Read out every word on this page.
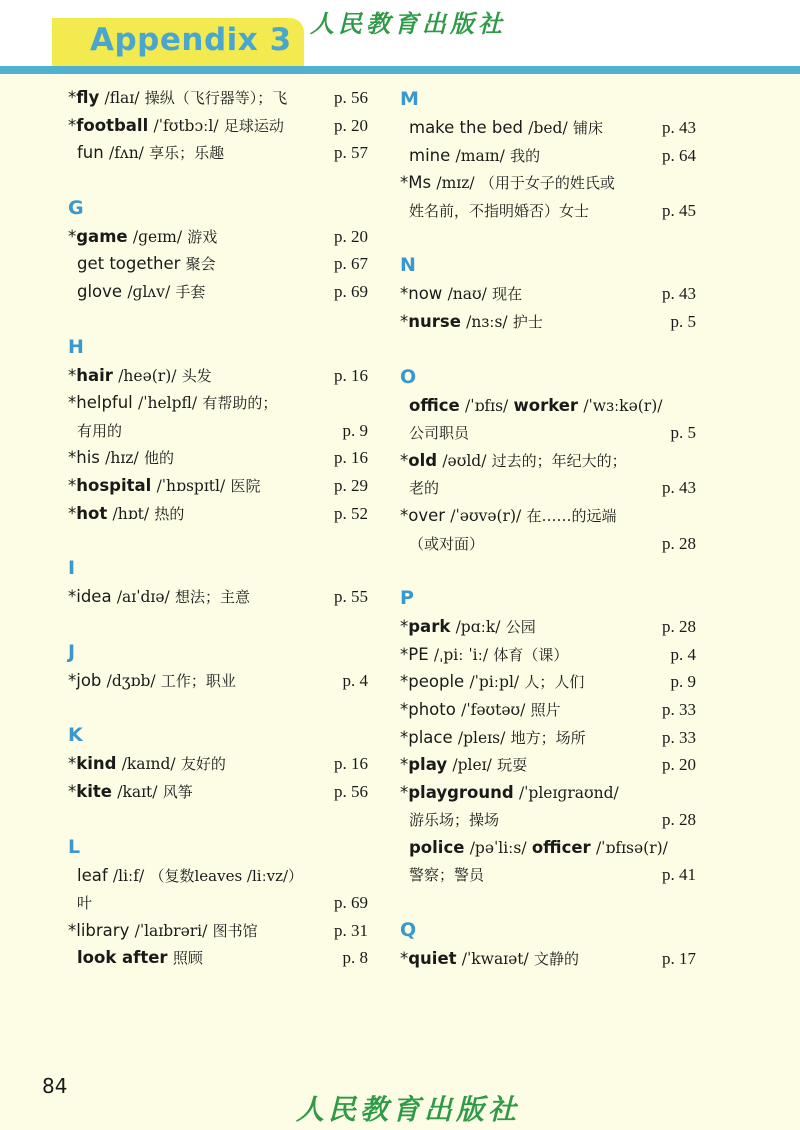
Appendix 3 人民教育出版社
*fly /flaɪ/ 操纵（飞行器等）；飞	p. 56
*football /ˈfʊtbɔːl/ 足球运动	p. 20
fun /fʌn/ 享乐；乐趣	p. 57
G
*game /ɡeɪm/ 游戏	p. 20
get together 聚会	p. 67
glove /ɡlʌv/ 手套	p. 69
H
*hair /heə(r)/ 头发	p. 16
*helpful /ˈhelpfl/ 有帮助的；
有用的	p. 9
*his /hɪz/ 他的	p. 16
*hospital /ˈhɒspɪtl/ 医院	p. 29
*hot /hɒt/ 热的	p. 52
I
*idea /aɪˈdɪə/ 想法；主意	p. 55
J
*job /dʒɒb/ 工作；职业	p. 4
K
*kind /kaɪnd/ 友好的	p. 16
*kite /kaɪt/ 风筝	p. 56
L
leaf /liːf/ （复数leaves /liːvz/）
叶	p. 69
*library /ˈlaɪbrəri/ 图书馆	p. 31
look after 照顾	p. 8
M
make the bed /bed/ 铺床	p. 43
mine /maɪn/ 我的	p. 64
*Ms /mɪz/ （用于女子的姓氏或
姓名前，不指明婚否）女士	p. 45
N
*now /naʊ/ 现在	p. 43
*nurse /nɜːs/ 护士	p. 5
O
office /ˈɒfɪs/ worker /ˈwɜːkə(r)/
公司职员	p. 5
*old /əʊld/ 过去的；年纪大的；
老的	p. 43
*over /ˈəʊvə(r)/ 在……的远端
（或对面）	p. 28
P
*park /pɑːk/ 公园	p. 28
*PE /ˌpiː ˈiː/ 体育（课）	p. 4
*people /ˈpiːpl/ 人；人们	p. 9
*photo /ˈfəʊtəʊ/ 照片	p. 33
*place /pleɪs/ 地方；场所	p. 33
*play /pleɪ/ 玩耍	p. 20
*playground /ˈpleɪɡraʊnd/
游乐场；操场	p. 28
police /pəˈliːs/ officer /ˈɒfɪsə(r)/
警察；警员	p. 41
Q
*quiet /ˈkwaɪət/ 文静的	p. 17
84
人民教育出版社
